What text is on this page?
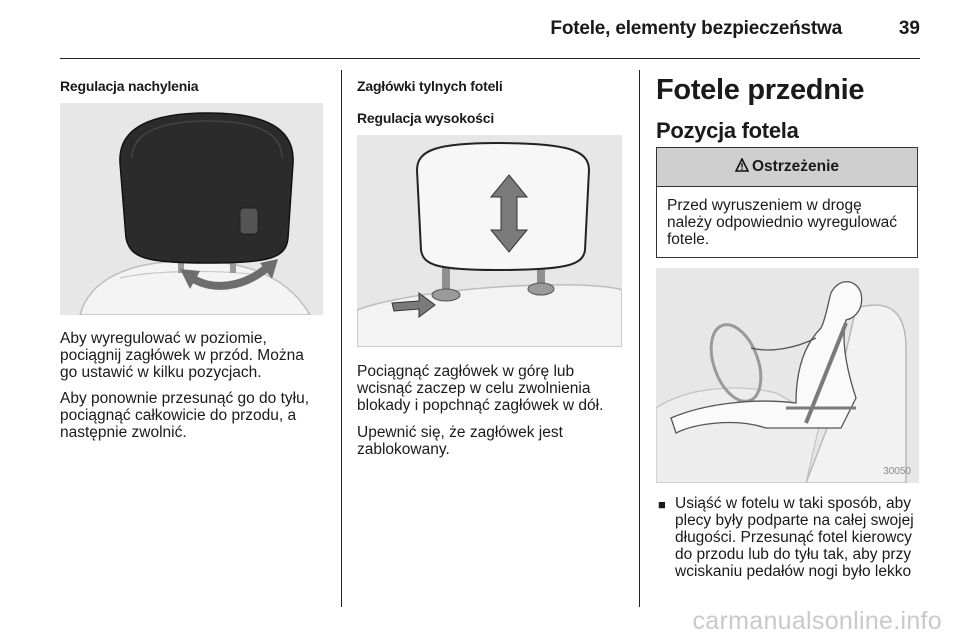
Fotele, elementy bezpieczeństwa	39
Regulacja nachylenia
Aby wyregulować w poziomie, pociągnij zagłówek w przód. Można go ustawić w kilku pozycjach.
Aby ponownie przesunąć go do tyłu, pociągnąć całkowicie do przodu, a następnie zwolnić.
Zagłówki tylnych foteli
Regulacja wysokości
Pociągnąć zagłówek w górę lub wcisnąć zaczep w celu zwolnienia blokady i popchnąć zagłówek w dół.
Upewnić się, że zagłówek jest zablokowany.
Fotele przednie
Pozycja fotela
Ostrzeżenie
Przed wyruszeniem w drogę należy odpowiednio wyregulować fotele.
30050
■ Usiąść w fotelu w taki sposób, aby plecy były podparte na całej swojej długości. Przesunąć fotel kierowcy do przodu lub do tyłu tak, aby przy wciskaniu pedałów nogi było lekko
carmanualsonline.info
